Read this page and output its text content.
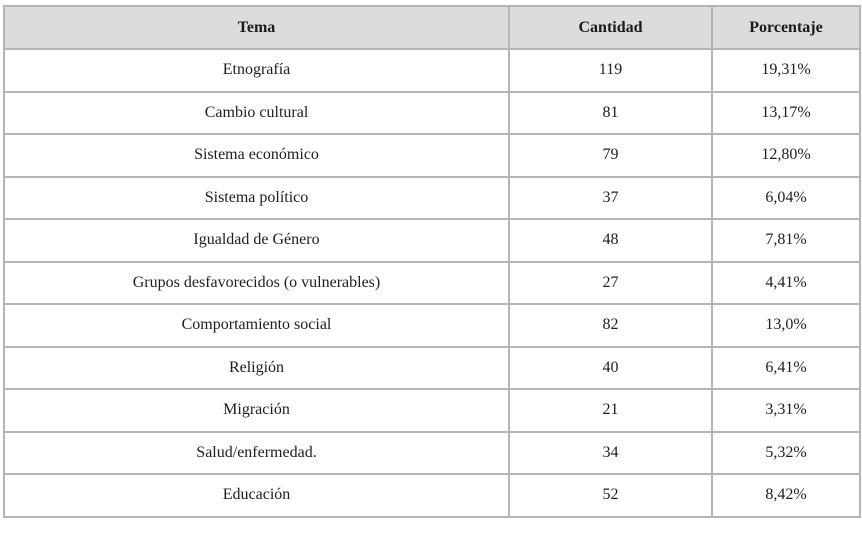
Tema	Cantidad	Porcentaje
Etnografía	119	19,31%
Cambio cultural	81	13,17%
Sistema económico	79	12,80%
Sistema político	37	6,04%
Igualdad de Género	48	7,81%
Grupos desfavorecidos (o vulnerables)	27	4,41%
Comportamiento social	82	13,0%
Religión	40	6,41%
Migración	21	3,31%
Salud/enfermedad.	34	5,32%
Educación	52	8,42%
